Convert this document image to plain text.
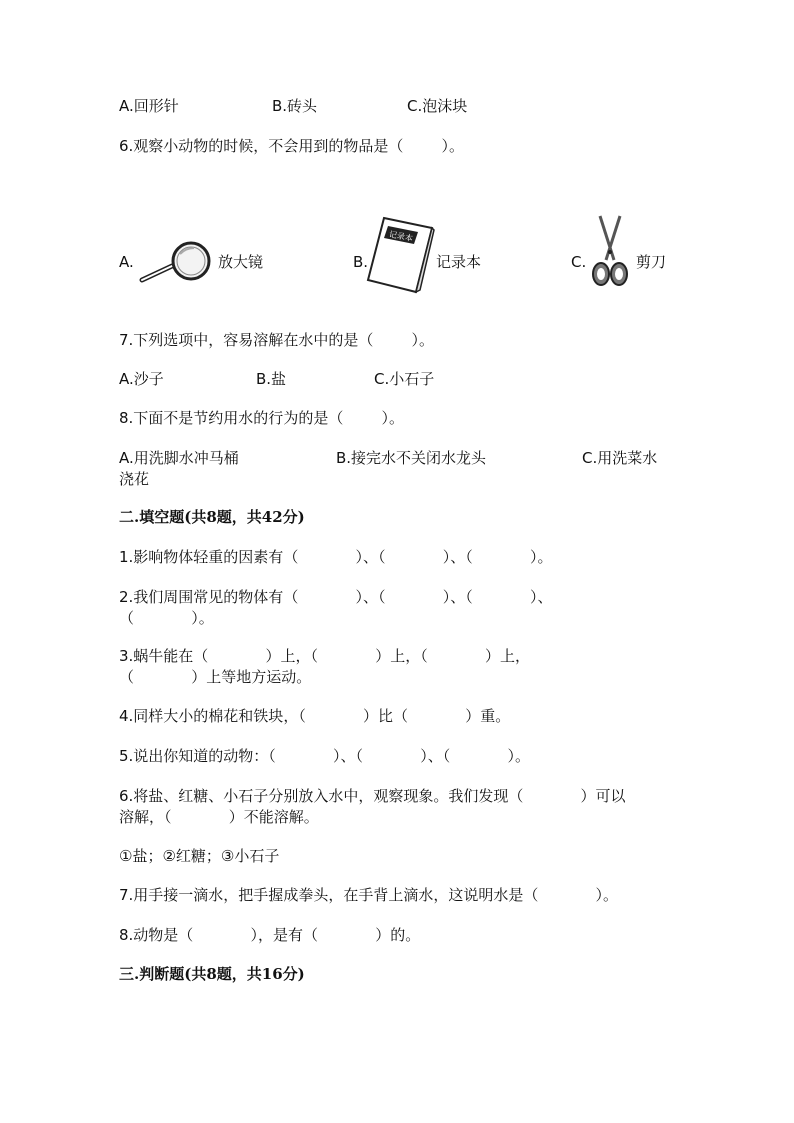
A.回形针	B.砖头	C.泡沫块
6.观察小动物的时候，不会用到的物品是（        ）。
A.	放大镜	B.
记录本
记录本	C.	剪刀
7.下列选项中，容易溶解在水中的是（        ）。
A.沙子	B.盐	C.小石子
8.下面不是节约用水的行为的是（        ）。
A.用洗脚水冲马桶	B.接完水不关闭水龙头	C.用洗菜水
浇花
二.填空题(共8题，共42分)
1.影响物体轻重的因素有（            ）、（            ）、（            ）。
2.我们周围常见的物体有（            ）、（            ）、（            ）、
（            ）。
3.蜗牛能在（            ）上，（            ）上，（            ）上，
（            ）上等地方运动。
4.同样大小的棉花和铁块，（            ）比（            ）重。
5.说出你知道的动物：（            ）、（            ）、（            ）。
6.将盐、红糖、小石子分别放入水中，观察现象。我们发现（            ）可以
溶解，（            ）不能溶解。
①盐；②红糖；③小石子
7.用手接一滴水，把手握成拳头，在手背上滴水，这说明水是（            ）。
8.动物是（            ），是有（            ）的。
三.判断题(共8题，共16分)
